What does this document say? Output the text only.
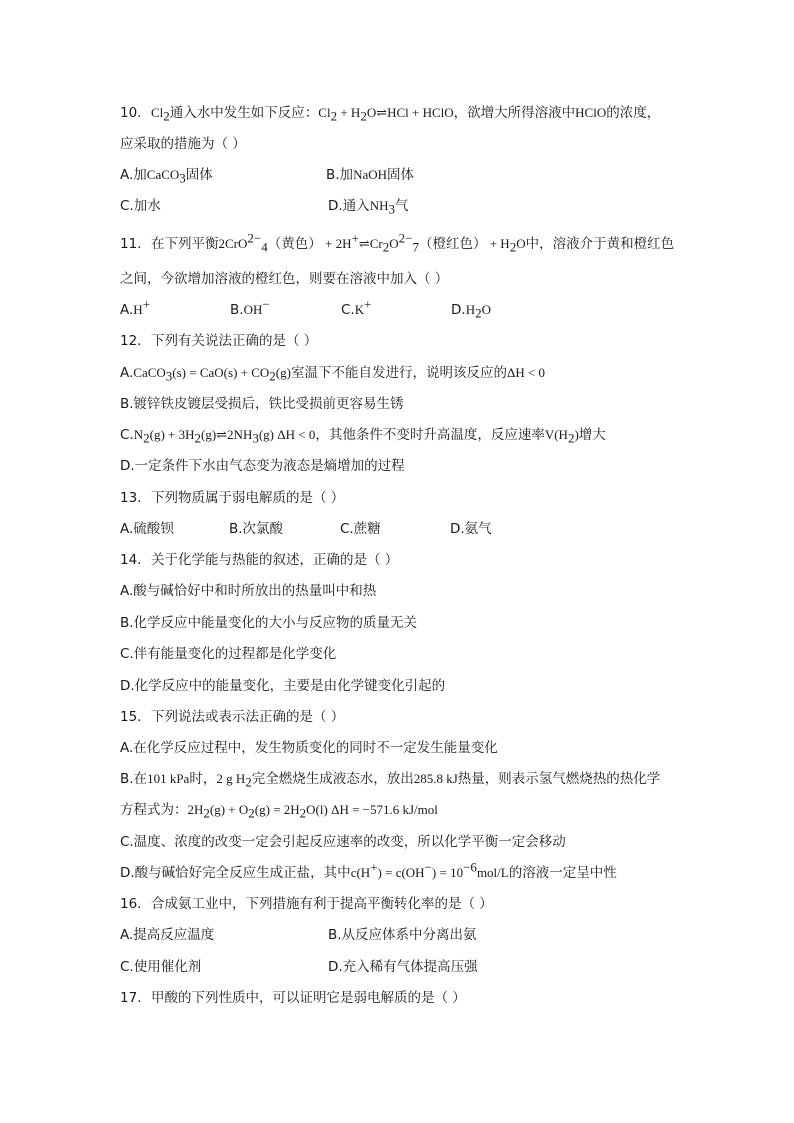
10. $Cl_2$通入水中发生如下反应：$Cl_2$ + $H_2O\rightleftharpoons HCl$ + HClO，欲增大所得溶液中HClO的浓度，
应采取的措施为（ ）
A.加CaCO$_3$固体	B.加NaOH固体
C.加水	D.通入$NH_3$气
11. 在下列平衡2CrO$^{2-}_4$（黄色） + $2H^+\rightleftharpoons Cr_2O^{2-}_7$（橙红色） + $H_2O$中，溶液介于黄和橙红色
之间，今欲增加溶液的橙红色，则要在溶液中加入（ ）
A.H+	B.OH−	C.K+	$D.H_2O$
12. 下列有关说法正确的是（ ）
A.CaCO$_3$(s) = $CaO(s) + CO_2(g)$室温下不能自发进行，说明该反应的ΔH < 0
B.镀锌铁皮镀层受损后，铁比受损前更容易生锈
$C.N_2(g)$ + $3H_2(g)\rightleftharpoons 2NH_3(g) \Delta H < 0$，其他条件不变时升高温度，反应速率$V(H_2)$增大
D.一定条件下水由气态变为液态是熵增加的过程
13. 下列物质属于弱电解质的是（ ）
A.硫酸钡	B.次氯酸	C.蔗糖	D.氨气
14. 关于化学能与热能的叙述，正确的是（ ）
A.酸与碱恰好中和时所放出的热量叫中和热
B.化学反应中能量变化的大小与反应物的质量无关
C.伴有能量变化的过程都是化学变化
D.化学反应中的能量变化，主要是由化学键变化引起的
15. 下列说法或表示法正确的是（ ）
A.在化学反应过程中，发生物质变化的同时不一定发生能量变化
B.在101 kPa时，2 g $H_2$完全燃烧生成液态水，放出285.8 kJ热量，则表示氢气燃烧热的热化学
方程式为：$2H_2(g) + O_2(g) = 2H_2O(l) \Delta H = -571.6$ kJ/mol
C.温度、浓度的改变一定会引起反应速率的改变，所以化学平衡一定会移动
D.酸与碱恰好完全反应生成正盐，其中$c(H^+) = c(OH^-) = 10^{-6}mol/L$的溶液一定呈中性
16. 合成氨工业中，下列措施有利于提高平衡转化率的是（ ）
A.提高反应温度	B.从反应体系中分离出氨
C.使用催化剂	D.充入稀有气体提高压强
17. 甲酸的下列性质中，可以证明它是弱电解质的是（ ）
